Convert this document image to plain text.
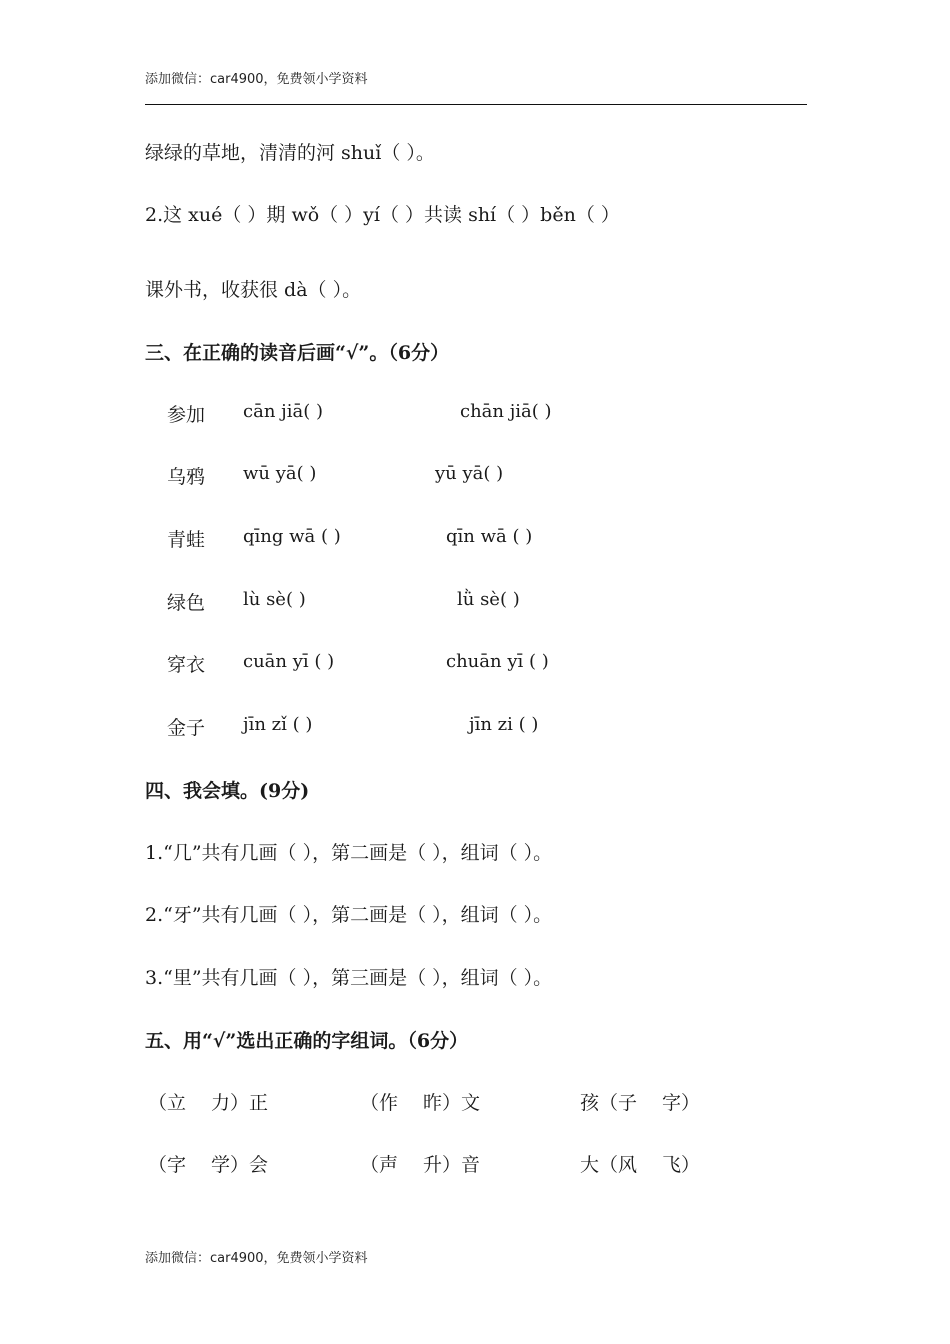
添加微信：car4900，免费领小学资料
绿绿的草地，清清的河 shuǐ（ ）。
2.这 xué（ ）期 wǒ（ ）yí（ ）共读 shí（ ）běn（ ）
课外书，收获很 dà（ ）。
三、在正确的读音后画“√”。（6分）
参加 cān jiā( )	chān jiā( )
乌鸦 wū yā( )	yū yā( )
青蛙 qīng wā ( )	qīn wā ( )
绿色 lù sè( )	lǜ sè( )
穿衣 cuān yī ( )	chuān yī ( )
金子 jīn zǐ ( )	jīn zi ( )
四、我会填。(9分)
1.“几”共有几画（ ），第二画是（ ），组词（ ）。
2.“牙”共有几画（ ），第二画是（ ），组词（ ）。
3.“里”共有几画（ ），第三画是（ ），组词（ ）。
五、用“√”选出正确的字组词。（6分）
（立　 力）正	（作　 昨）文	孩（子　 字）
（字　 学）会	（声　 升）音	大（风　 飞）
添加微信：car4900，免费领小学资料
